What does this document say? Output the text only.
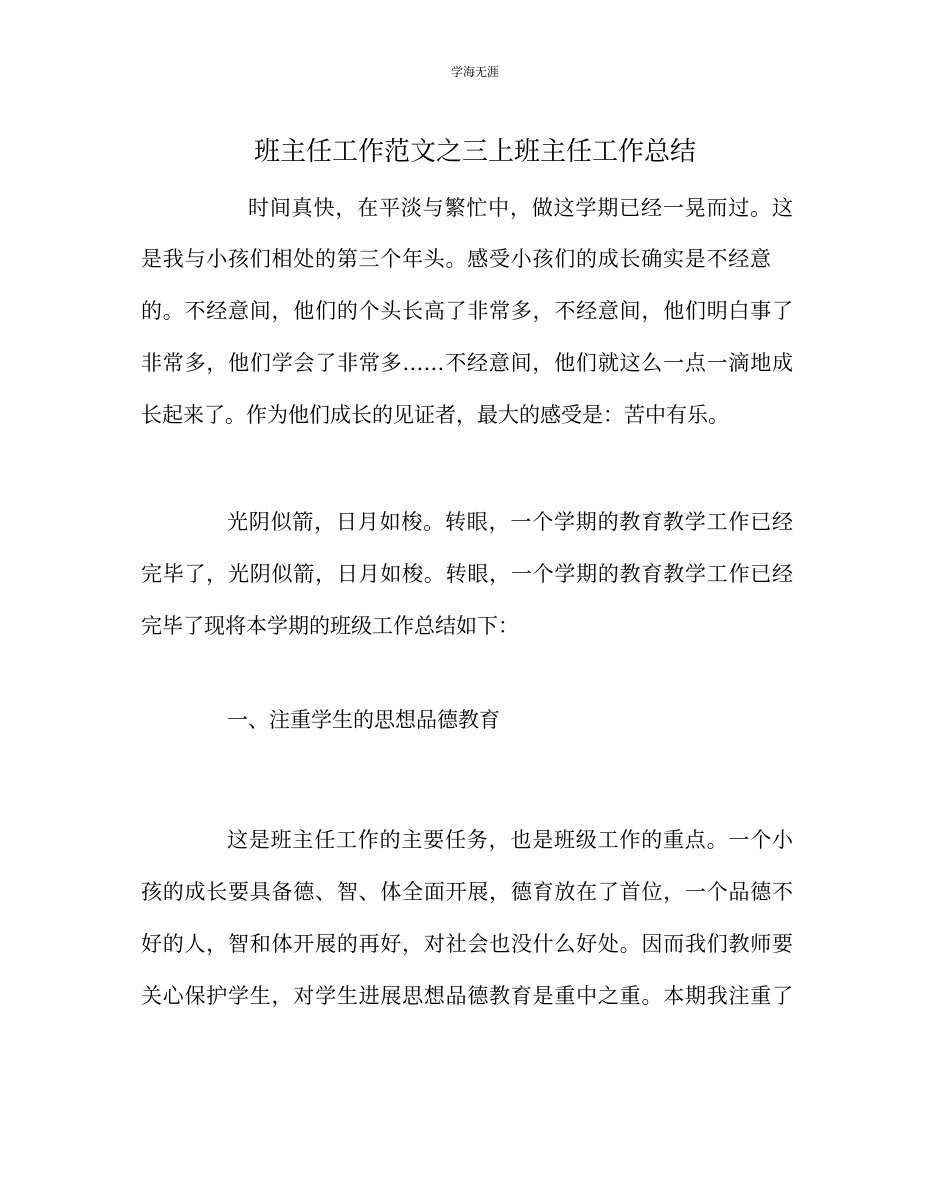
学海无涯
班主任工作范文之三上班主任工作总结
时间真快，在平淡与繁忙中，做这学期已经一晃而过。这
是我与小孩们相处的第三个年头。感受小孩们的成长确实是不经意
的。不经意间，他们的个头长高了非常多，不经意间，他们明白事了
非常多，他们学会了非常多……不经意间，他们就这么一点一滴地成
长起来了。作为他们成长的见证者，最大的感受是：苦中有乐。
光阴似箭，日月如梭。转眼，一个学期的教育教学工作已经
完毕了，光阴似箭，日月如梭。转眼，一个学期的教育教学工作已经
完毕了现将本学期的班级工作总结如下：
一、注重学生的思想品德教育
这是班主任工作的主要任务，也是班级工作的重点。一个小
孩的成长要具备德、智、体全面开展，德育放在了首位，一个品德不
好的人，智和体开展的再好，对社会也没什么好处。因而我们教师要
关心保护学生，对学生进展思想品德教育是重中之重。本期我注重了
